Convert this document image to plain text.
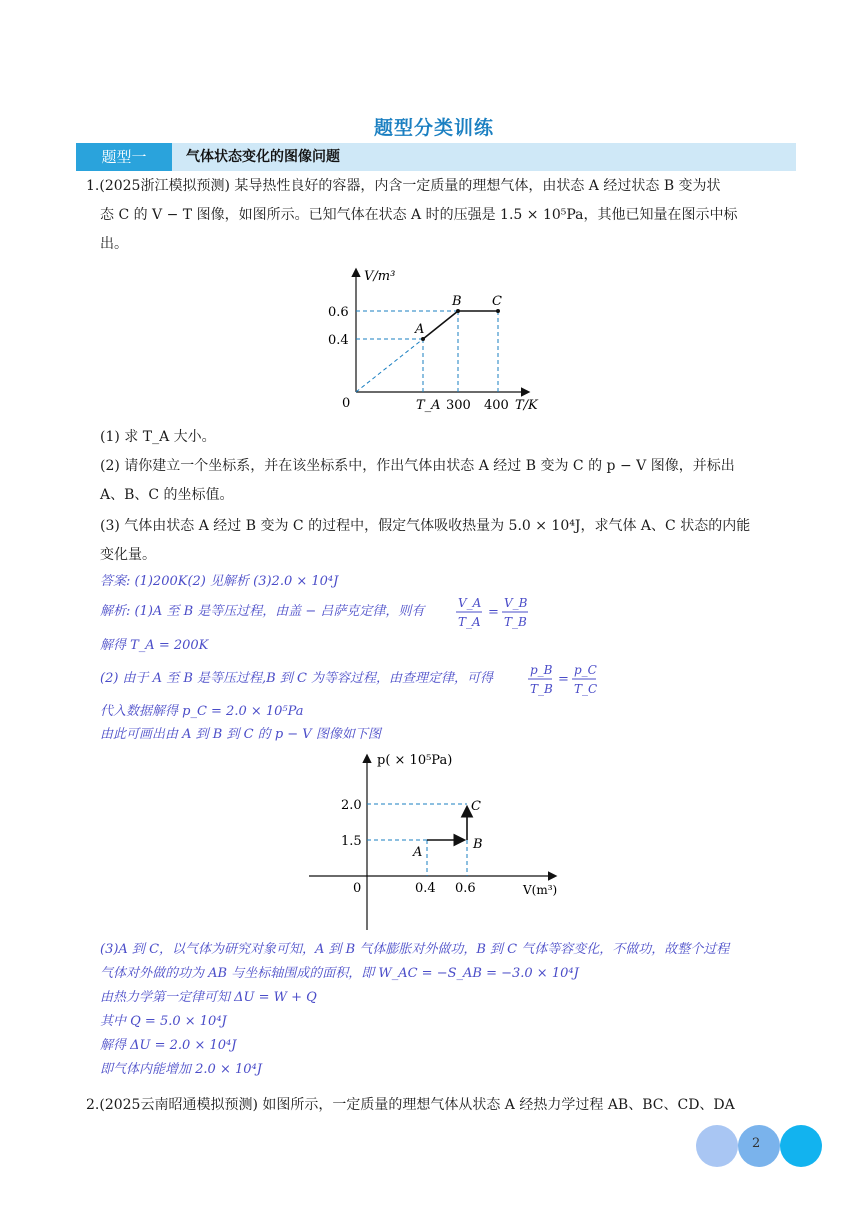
题型分类训练
题型一	气体状态变化的图像问题
1.(2025浙江模拟预测) 某导热性良好的容器，内含一定质量的理想气体，由状态 A 经过状态 B 变为状
态 C 的 V − T 图像，如图所示。已知气体在状态 A 时的压强是 1.5 × 10⁵Pa，其他已知量在图示中标
出。
V/m³
T/K
0
0.6
0.4
T_A 300 400
A
B C
(1) 求 T_A 大小。
(2) 请你建立一个坐标系，并在该坐标系中，作出气体由状态 A 经过 B 变为 C 的 p − V 图像，并标出
A、B、C 的坐标值。
(3) 气体由状态 A 经过 B 变为 C 的过程中，假定气体吸收热量为 5.0 × 10⁴J，求气体 A、C 状态的内能
变化量。
答案: (1)200K(2) 见解析 (3)2.0 × 10⁴J
解析: (1)A 至 B 是等压过程，由盖 − 吕萨克定律，则有
V_A
T_A
=
V_B
T_B
解得 T_A = 200K
(2) 由于 A 至 B 是等压过程,B 到 C 为等容过程，由查理定律，可得
p_B
T_B
=
p_C
T_C
代入数据解得 p_C = 2.0 × 10⁵Pa
由此可画出由 A 到 B 到 C 的 p − V 图像如下图
p( × 10⁵Pa)
V(m³)
0
2.0
1.5
0.4 0.6
A
B
C
(3)A 到 C，以气体为研究对象可知，A 到 B 气体膨胀对外做功，B 到 C 气体等容变化，不做功，故整个过程
气体对外做的功为 AB 与坐标轴围成的面积，即 W_AC = −S_AB = −3.0 × 10⁴J
由热力学第一定律可知 ΔU = W + Q
其中 Q = 5.0 × 10⁴J
解得 ΔU = 2.0 × 10⁴J
即气体内能增加 2.0 × 10⁴J
2.(2025云南昭通模拟预测) 如图所示，一定质量的理想气体从状态 A 经热力学过程 AB、BC、CD、DA
2
